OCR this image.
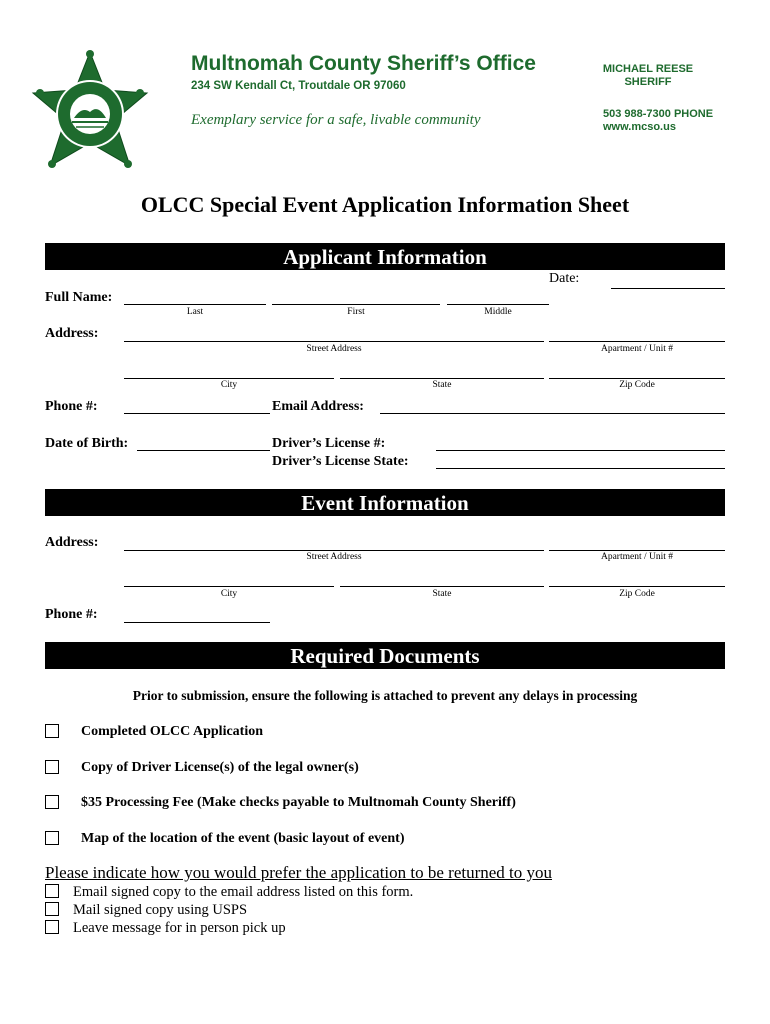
Multnomah County Sheriff’s Office
234 SW Kendall Ct, Troutdale OR 97060
Exemplary service for a safe, livable community
MICHAEL REESE
SHERIFF
503 988-7300 PHONE
www.mcso.us
OLCC Special Event Application Information Sheet
Applicant Information
Date:
Full Name:
Last	First	Middle
Address:
Street Address	Apartment / Unit #
City	State	Zip Code
Phone #:	Email Address:
Date of Birth:	Driver’s License #:
Driver’s License State:
Event Information
Address:
Street Address	Apartment / Unit #
City	State	Zip Code
Phone #:
Required Documents
Prior to submission, ensure the following is attached to prevent any delays in processing
Completed OLCC Application
Copy of Driver License(s) of the legal owner(s)
$35 Processing Fee (Make checks payable to Multnomah County Sheriff)
Map of the location of the event (basic layout of event)
Please indicate how you would prefer the application to be returned to you
Email signed copy to the email address listed on this form.
Mail signed copy using USPS
Leave message for in person pick up
